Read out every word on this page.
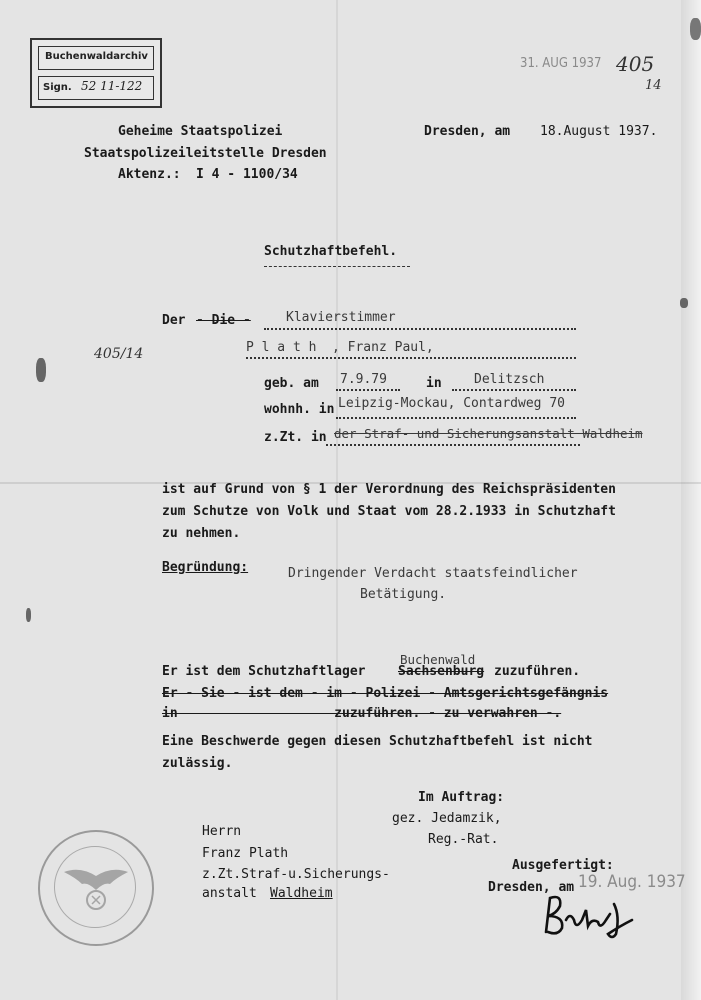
Buchenwaldarchiv
Sign. 52 11-122
31. AUG 1937 405
14
405/14
Geheime Staatspolizei
Staatspolizeileitstelle Dresden
Aktenz.: I 4 - 1100/34
Dresden, am 18.August 1937.
Schutzhaftbefehl.
Der - Die -	Klavierstimmer
P l a t h , Franz Paul,
geb. am 7.9.79	in Delitzsch
wohnh. in Leipzig-Mockau, Contardweg 70
z.Zt. in der Straf- und Sicherungsanstalt Waldheim
ist auf Grund von § 1 der Verordnung des Reichspräsidenten
zum Schutze von Volk und Staat vom 28.2.1933 in Schutzhaft
zu nehmen.
Begründung:	Dringender Verdacht staatsfeindlicher
Betätigung.
Buchenwald
Er ist dem Schutzhaftlager	Sachsenburg zuzuführen.
Er - Sie - ist dem - im - Polizei - Amtsgerichtsgefängnis
in                    zuzuführen. - zu verwahren -.
Eine Beschwerde gegen diesen Schutzhaftbefehl ist nicht
zulässig.
Im Auftrag:
gez. Jedamzik,
Reg.-Rat.
Herrn
Franz Plath
z.Zt.Straf-u.Sicherungs-
anstalt Waldheim
Ausgefertigt:
Dresden, am 19. Aug. 1937
